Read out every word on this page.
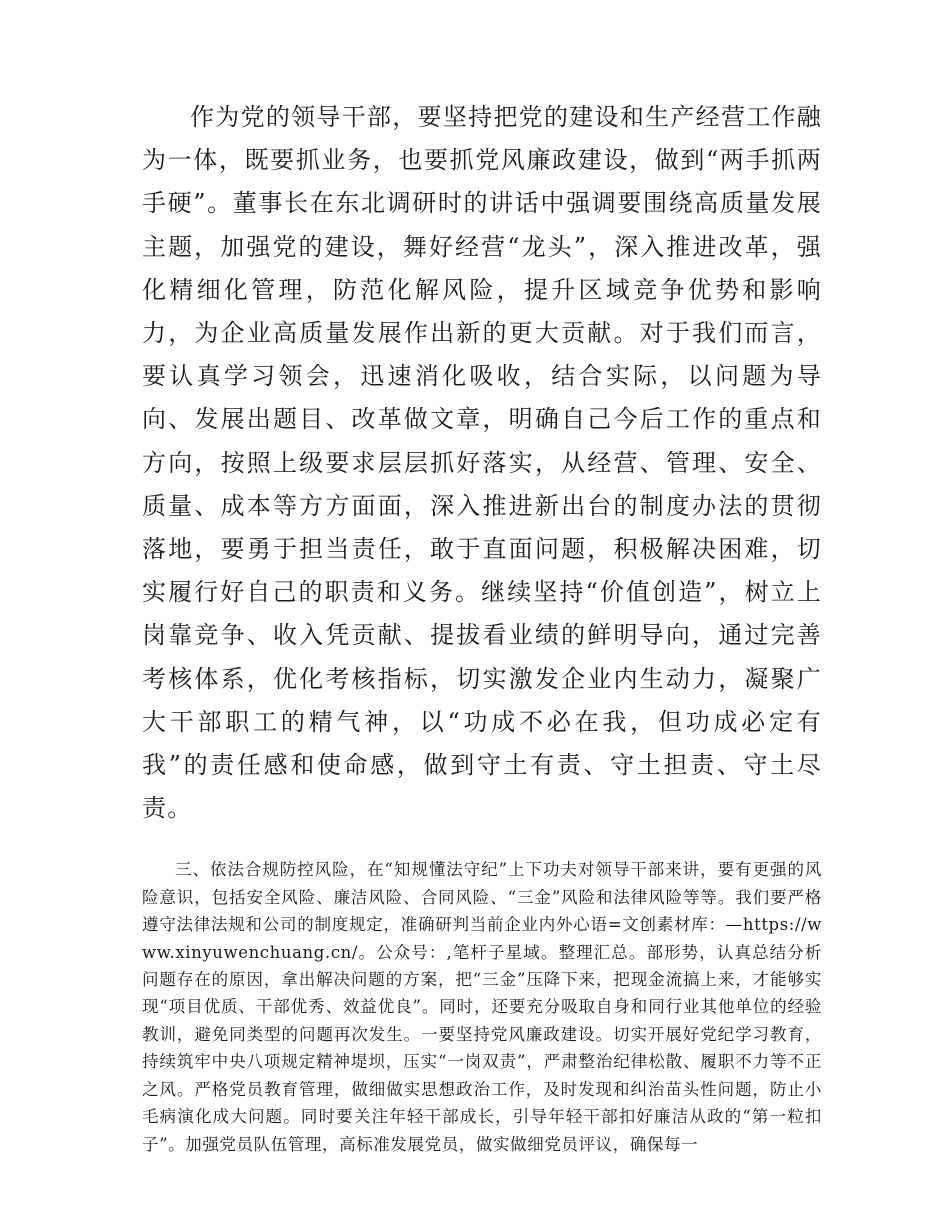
作为党的领导干部，要坚持把党的建设和生产经营工作融为一体，既要抓业务，也要抓党风廉政建设，做到“两手抓两手硬”。董事长在东北调研时的讲话中强调要围绕高质量发展主题，加强党的建设，舞好经营“龙头”，深入推进改革，强化精细化管理，防范化解风险，提升区域竞争优势和影响力，为企业高质量发展作出新的更大贡献。对于我们而言，要认真学习领会，迅速消化吸收，结合实际，以问题为导向、发展出题目、改革做文章，明确自己今后工作的重点和方向，按照上级要求层层抓好落实，从经营、管理、安全、质量、成本等方方面面，深入推进新出台的制度办法的贯彻落地，要勇于担当责任，敢于直面问题，积极解决困难，切实履行好自己的职责和义务。继续坚持“价值创造”，树立上岗靠竞争、收入凭贡献、提拔看业绩的鲜明导向，通过完善考核体系，优化考核指标，切实激发企业内生动力，凝聚广大干部职工的精气神，以“功成不必在我，但功成必定有我”的责任感和使命感，做到守土有责、守土担责、守土尽责。

三、依法合规防控风险，在“知规懂法守纪”上下功夫对领导干部来讲，要有更强的风险意识，包括安全风险、廉洁风险、合同风险、“三金”风险和法律风险等等。我们要严格遵守法律法规和公司的制度规定，准确研判当前企业内外心语=文创素材库：—https://www.xinyuwenchuang.cn/。公众号：,笔杆子星域。整理汇总。部形势，认真总结分析问题存在的原因，拿出解决问题的方案，把“三金”压降下来，把现金流搞上来，才能够实现“项目优质、干部优秀、效益优良”。同时，还要充分吸取自身和同行业其他单位的经验教训，避免同类型的问题再次发生。一要坚持党风廉政建设。切实开展好党纪学习教育，持续筑牢中央八项规定精神堤坝，压实“一岗双责”，严肃整治纪律松散、履职不力等不正之风。严格党员教育管理，做细做实思想政治工作，及时发现和纠治苗头性问题，防止小毛病演化成大问题。同时要关注年轻干部成长，引导年轻干部扣好廉洁从政的“第一粒扣子”。加强党员队伍管理，高标准发展党员，做实做细党员评议，确保每一
